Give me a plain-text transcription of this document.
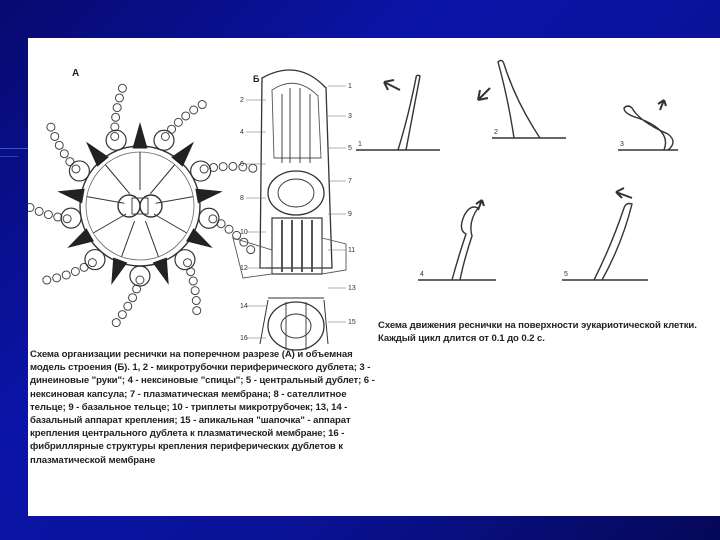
А	Б
1
2
3
4
5
6
7
8
9
10
11
12
13
14
15
16
1
2
3
4	5
Схема организации реснички на поперечном разрезе (А) и объемная модель строения (Б). 1, 2 - микротрубочки периферического дублета; 3 - динеиновые "руки"; 4 - нексиновые "спицы"; 5 - центральный дублет; 6 - нексиновая капсула; 7 - плазматическая мембрана; 8 - сателлитное тельце; 9 - базальное тельце; 10 - триплеты микротрубочек; 13, 14 - базальный аппарат крепления; 15 - апикальная "шапочка" - аппарат крепления центрального дублета к плазматической мембране; 16 - фибриллярные структуры крепления периферических дублетов к плазматической мембране
Схема движения реснички на поверхности эукариотической клетки. Каждый цикл длится от 0.1 до 0.2 с.
